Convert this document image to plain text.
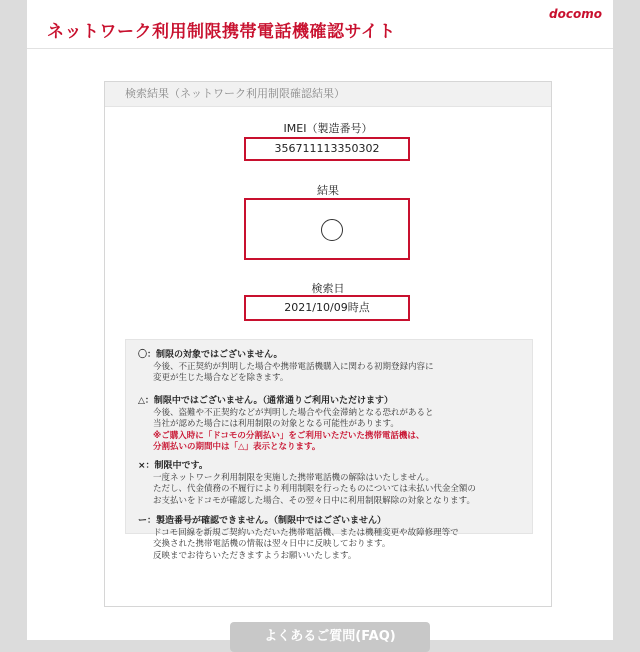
ネットワーク利用制限携帯電話機確認サイト
docomo
検索結果（ネットワーク利用制限確認結果）
IMEI（製造番号）
356711113350302
結果
検索日
2021/10/09時点
〇：制限の対象ではございません。
今後、不正契約が判明した場合や携帯電話機購入に関わる初期登録内容に
変更が生じた場合などを除きます。
△：制限中ではございません。（通常通りご利用いただけます）
今後、盗難や不正契約などが判明した場合や代金滞納となる恐れがあると
当社が認めた場合には利用制限の対象となる可能性があります。
※ご購入時に「ドコモの分割払い」をご利用いただいた携帯電話機は、
分割払いの期間中は「△」表示となります。
×：制限中です。
一度ネットワーク利用制限を実施した携帯電話機の解除はいたしません。
ただし、代金債務の不履行により利用制限を行ったものについては未払い代金全額の
お支払いをドコモが確認した場合、その翌々日中に利用制限解除の対象となります。
ー：製造番号が確認できません。（制限中ではございません）
ドコモ回線を新規ご契約いただいた携帯電話機、または機種変更や故障修理等で
交換された携帯電話機の情報は翌々日中に反映しております。
反映までお待ちいただきますようお願いいたします。
よくあるご質問(FAQ)
